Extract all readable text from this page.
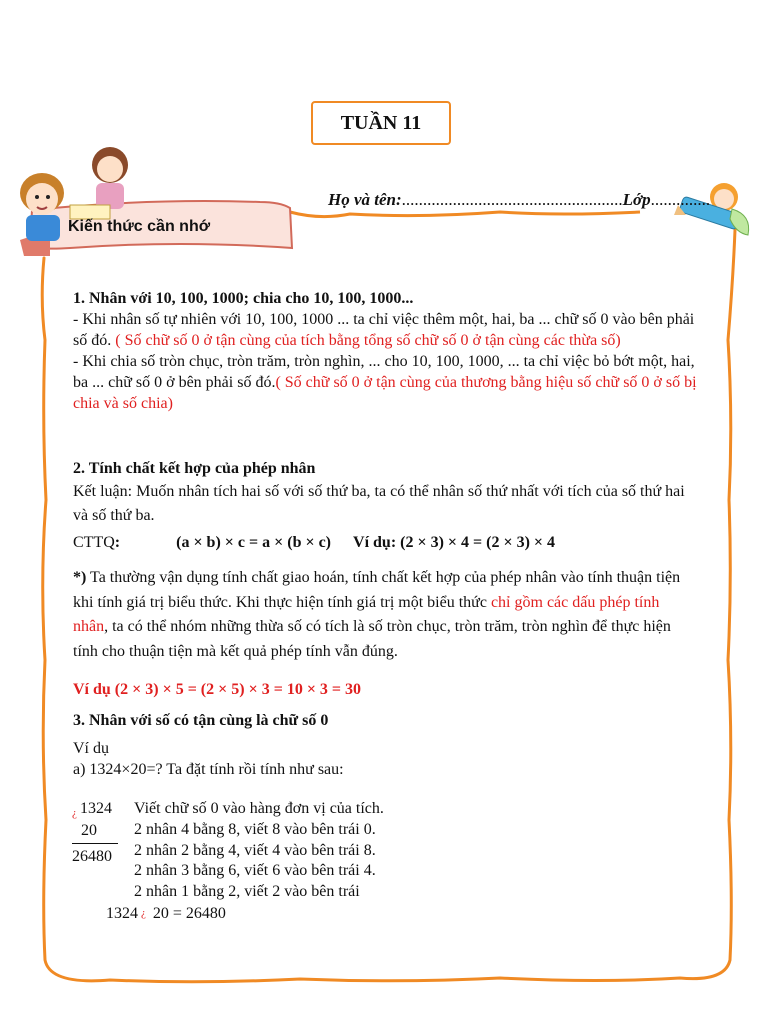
TUẦN 11
Họ và tên:....................................................Lớp..............
Kiến thức cần nhớ

1. Nhân với 10, 100, 1000; chia cho 10, 100, 1000...

- Khi nhân số tự nhiên với 10, 100, 1000 ... ta chỉ việc thêm một, hai, ba ... chữ số 0 vào bên phải số đó. ( Số chữ số 0 ở tận cùng của tích bằng tổng số chữ số 0 ở tận cùng các thừa số)

- Khi chia số tròn chục, tròn trăm, tròn nghìn, ... cho 10, 100, 1000, ... ta chỉ việc bỏ bớt một, hai, ba ... chữ số 0 ở bên phải số đó.( Số chữ số 0 ở tận cùng của thương bằng hiệu số chữ số 0 ở số bị chia và số chia)

2. Tính chất kết hợp của phép nhân

Kết luận: Muốn nhân tích hai số với số thứ ba, ta có thể nhân số thứ nhất với tích của số thứ hai và số thứ ba.

CTTQ:	(a × b) × c = a × (b × c) Ví dụ: (2 × 3) × 4 = (2 × 3) × 4

*) Ta thường vận dụng tính chất giao hoán, tính chất kết hợp của phép nhân vào tính thuận tiện khi tính giá trị biểu thức. Khi thực hiện tính giá trị một biểu thức chỉ gồm các dấu phép tính nhân, ta có thể nhóm những thừa số có tích là số tròn chục, tròn trăm, tròn nghìn để thực hiện tính cho thuận tiện mà kết quả phép tính vẫn đúng.

Ví dụ (2 × 3) × 5 = (2 × 5) × 3 = 10 × 3 = 30

3. Nhân với số có tận cùng là chữ số 0

Ví dụ

a) 1324×20=? Ta đặt tính rồi tính như sau:

¿ 1324
20
26480
Viết chữ số 0 vào hàng đơn vị của tích.
2 nhân 4 bằng 8, viết 8 vào bên trái 0.
2 nhân 2 bằng 4, viết 4 vào bên trái 8.
2 nhân 3 bằng 6, viết 6 vào bên trái 4.
2 nhân 1 bằng 2, viết 2 vào bên trái
1324 ¿ 20 = 26480
